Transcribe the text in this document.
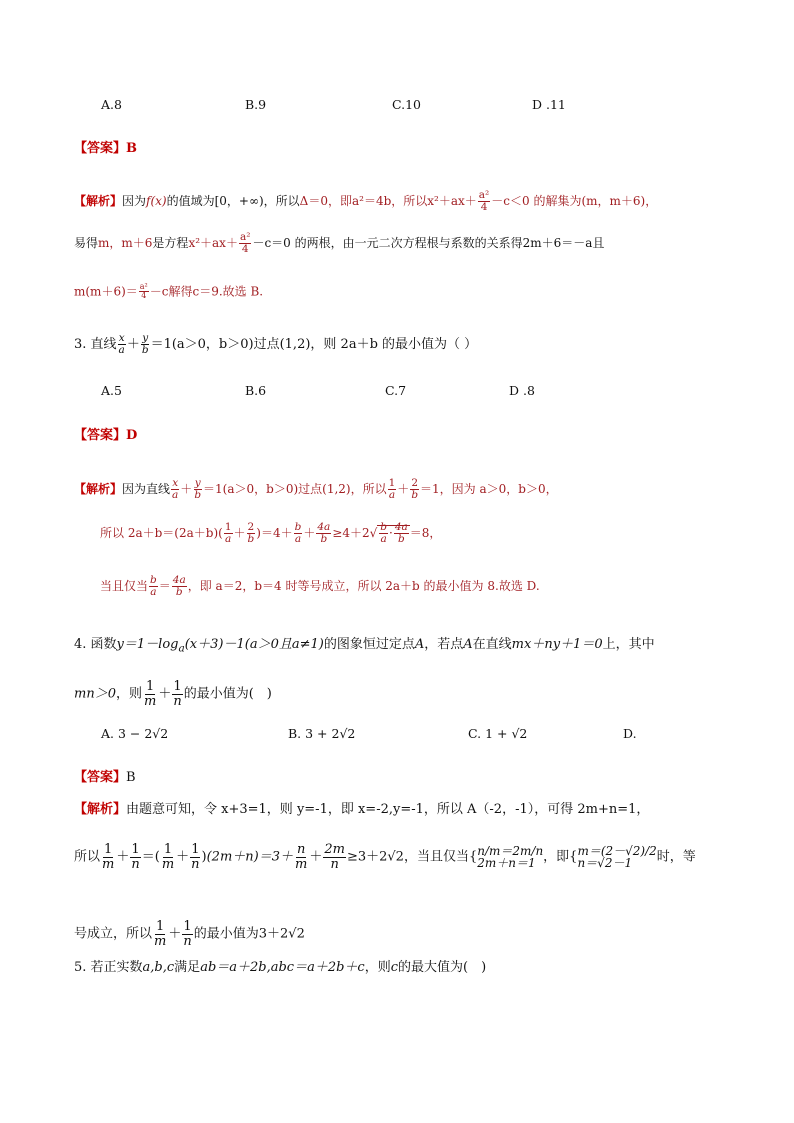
A.8	B.9	C.10	D .11
【答案】B
【解析】因为f(x)的值域为[0，+∞)，所以Δ＝0，即a²＝4b，所以$x^2+ax+ \frac{\text{a²}}{4} -c<0$ 的解集为(m，m＋6)，
易得m，m＋6是方程$x^2+ax+ \frac{\text{a²}}{4} -c=0$ 的两根，由一元二次方程根与系数的关系得2m＋6＝－a且
$m(m+6)= \frac{\text{a²}}{4} -c$解得c＝9.故选 B.
3. 直线 $\frac{x}{a} + \frac{y}{b} =1(a>0$，b＞0)过点(1,2)，则 2a＋b 的最小值为（ ）
A.5	B.6	C.7	D .8
【答案】D
【解析】因为直线 $\frac{x}{a} + \frac{y}{b} =1(a>0$，b＞0)过点(1,2)，所以 $\frac{1}{a} + \frac{2}{b} =1$，因为 a＞0，b＞0，
所以 $2a+b=(2a+b)( \frac{1}{a} + \frac{2}{b} )=4+ \frac{b}{a} + \frac{4a}{b} \ge 4+2√ \frac{b}{a} \cdot \frac{4a}{b} =8$，
当且仅当 $\frac{b}{a} = \frac{4a}{b}$ ，即 a＝2，b＝4 时等号成立，所以 2a＋b 的最小值为 8.故选 D.
4. 函数$y=1-\log_a(x+3)-1(a>0$且a≠1)的图象恒过定点A，若点A在直线mx＋ny＋1＝0上，其中
mn＞0，则 $\frac{1}{m} + \frac{1}{n}$ 的最小值为(　)
A. 3 − 2√2	B. 3 + 2√2	C. 1 + √2	D.
【答案】B
【解析】由题意可知，令 x+3=1，则 y=-1，即 x=-2,y=-1，所以 A（-2，-1），可得 2m+n=1，
所以 $\frac{1}{m} + \frac{1}{n}$ ＝( $\frac{1}{m} + \frac{1}{n} )(2m+n)=3+ \frac{n}{m} + \frac{2m}{n} \ge 3+2√2$，当且仅当{ n/m＝2m/n
2m＋n＝1 ，即{ m＝(2－√2)/2
n＝√2－1	时，等
号成立，所以 $\frac{1}{m} + \frac{1}{n}$ 的最小值为3＋2√2
5. 若正实数a,b,c满足ab＝a＋2b,abc＝a＋2b＋c，则c的最大值为(　)
